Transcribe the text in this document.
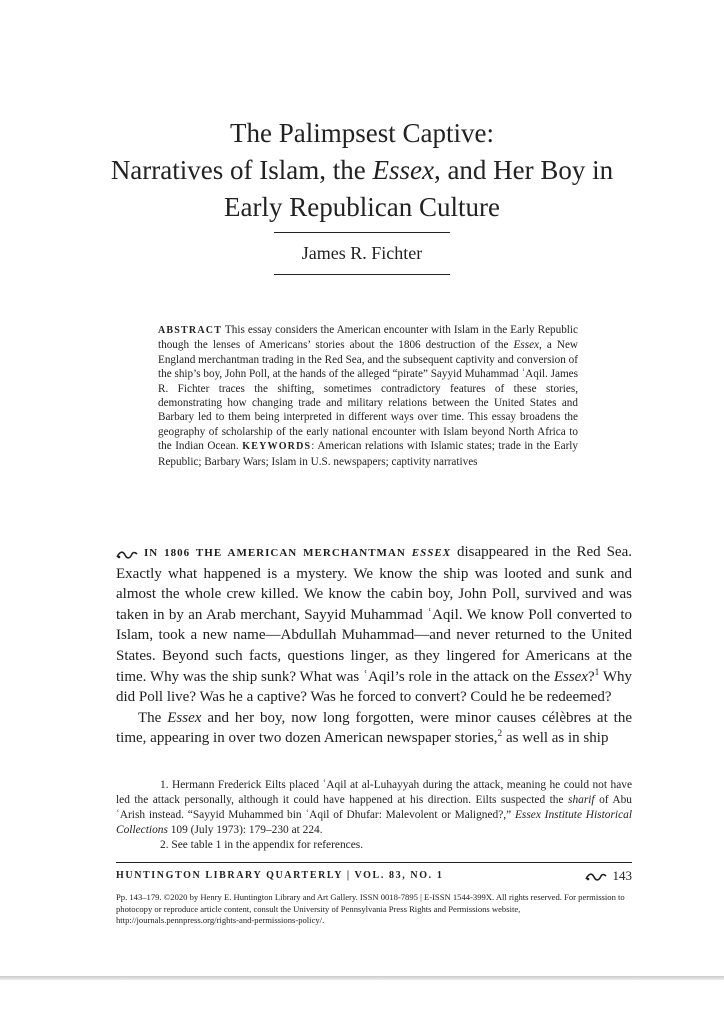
The Palimpsest Captive:
Narratives of Islam, the Essex, and Her Boy in
Early Republican Culture
James R. Fichter
ABSTRACT This essay considers the American encounter with Islam in the Early Republic though the lenses of Americans’ stories about the 1806 destruction of the Essex, a New England merchantman trading in the Red Sea, and the subsequent captivity and conversion of the ship’s boy, John Poll, at the hands of the alleged “pirate” Sayyid Muhammad ʿAqil. James R. Fichter traces the shifting, sometimes contradictory features of these stories, demonstrating how changing trade and military relations between the United States and Barbary led to them being interpreted in different ways over time. This essay broadens the geography of scholarship of the early national encounter with Islam beyond North Africa to the Indian Ocean. KEYWORDS: American relations with Islamic states; trade in the Early Republic; Barbary Wars; Islam in U.S. newspapers; captivity narratives

IN 1806 THE AMERICAN MERCHANTMAN ESSEX disappeared in the Red Sea. Exactly what happened is a mystery. We know the ship was looted and sunk and almost the whole crew killed. We know the cabin boy, John Poll, survived and was taken in by an Arab merchant, Sayyid Muhammad ʿAqil. We know Poll converted to Islam, took a new name—Abdullah Muhammad—and never returned to the United States. Beyond such facts, questions linger, as they lingered for Americans at the time. Why was the ship sunk? What was ʿAqil’s role in the attack on the Essex?$^1$ Why did Poll live? Was he a captive? Was he forced to convert? Could he be redeemed?

The Essex and her boy, now long forgotten, were minor causes célèbres at the time, appearing in over two dozen American newspaper stories,$^2$ as well as in ship

1. Hermann Frederick Eilts placed ʿAqil at al-Luhayyah during the attack, meaning he could not have led the attack personally, although it could have happened at his direction. Eilts suspected the sharif of Abu ʿArish instead. “Sayyid Muhammed bin ʿAqil of Dhufar: Malevolent or Maligned?,” Essex Institute Historical Collections 109 (July 1973): 179–230 at 224.

2. See table 1 in the appendix for references.

HUNTINGTON LIBRARY QUARTERLY | VOL. 83, NO. 1	143
Pp. 143–179. ©2020 by Henry E. Huntington Library and Art Gallery. ISSN 0018-7895 | E-ISSN 1544-399X. All rights reserved. For permission to photocopy or reproduce article content, consult the University of Pennsylvania Press Rights and Permissions website, http://journals.pennpress.org/rights-and-permissions-policy/.
